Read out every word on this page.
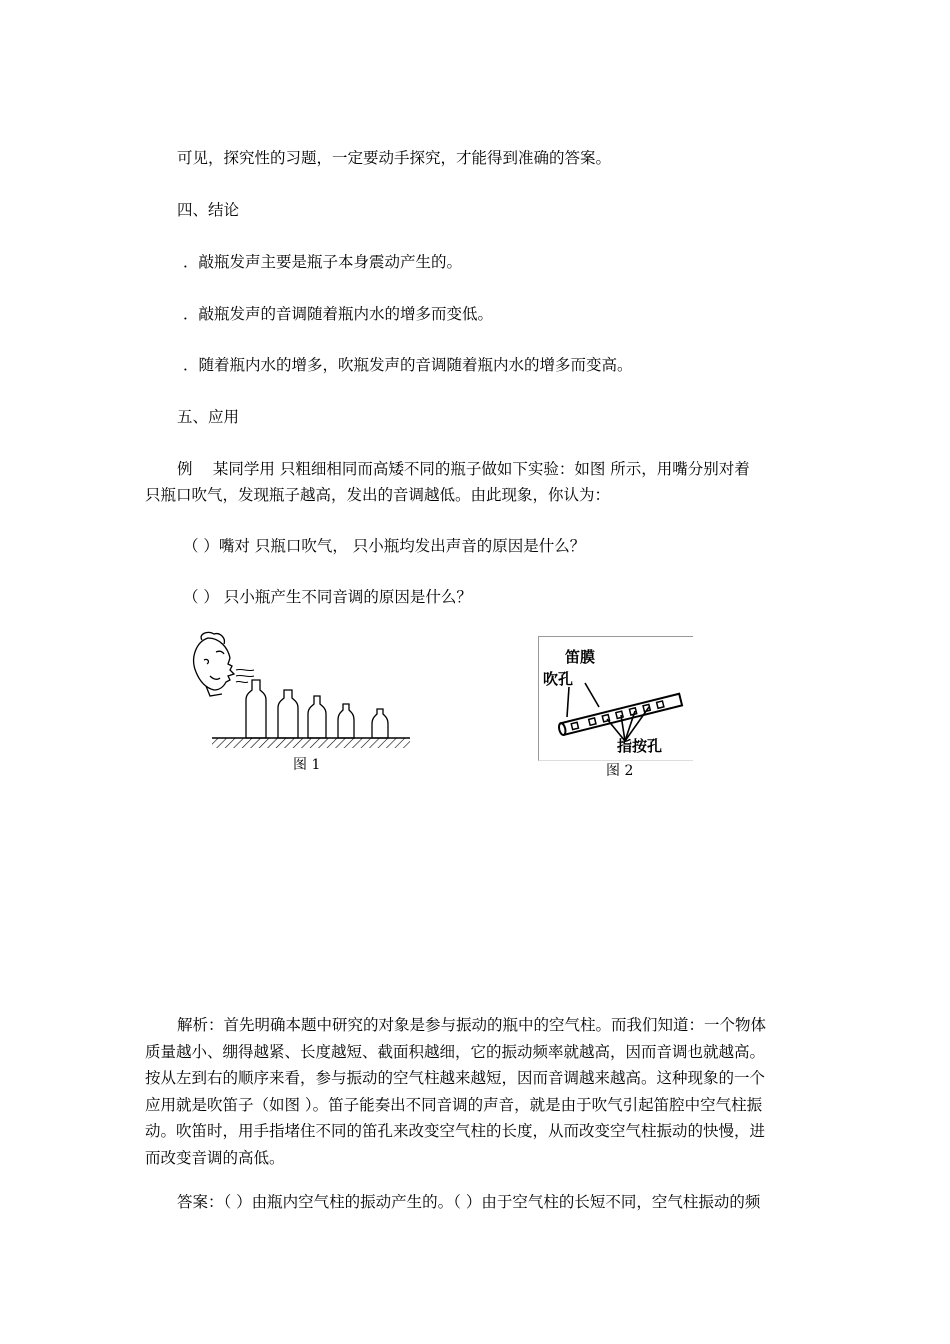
可见，探究性的习题，一定要动手探究，才能得到准确的答案。
四、结论
．敲瓶发声主要是瓶子本身震动产生的。
．敲瓶发声的音调随着瓶内水的增多而变低。
．随着瓶内水的增多，吹瓶发声的音调随着瓶内水的增多而变高。
五、应用
例　 某同学用 只粗细相同而高矮不同的瓶子做如下实验：如图 所示，用嘴分别对着
只瓶口吹气，发现瓶子越高，发出的音调越低。由此现象，你认为：
（ ）嘴对 只瓶口吹气， 只小瓶均发出声音的原因是什么？
（ ） 只小瓶产生不同音调的原因是什么？
图 1
笛膜
吹孔
指按孔
图 2
解析：首先明确本题中研究的对象是参与振动的瓶中的空气柱。而我们知道：一个物体
质量越小、绷得越紧、长度越短、截面积越细，它的振动频率就越高，因而音调也就越高。
按从左到右的顺序来看，参与振动的空气柱越来越短，因而音调越来越高。这种现象的一个
应用就是吹笛子（如图 ）。笛子能奏出不同音调的声音，就是由于吹气引起笛腔中空气柱振
动。吹笛时，用手指堵住不同的笛孔来改变空气柱的长度，从而改变空气柱振动的快慢，进
而改变音调的高低。
答案：（ ）由瓶内空气柱的振动产生的。（ ）由于空气柱的长短不同，空气柱振动的频
